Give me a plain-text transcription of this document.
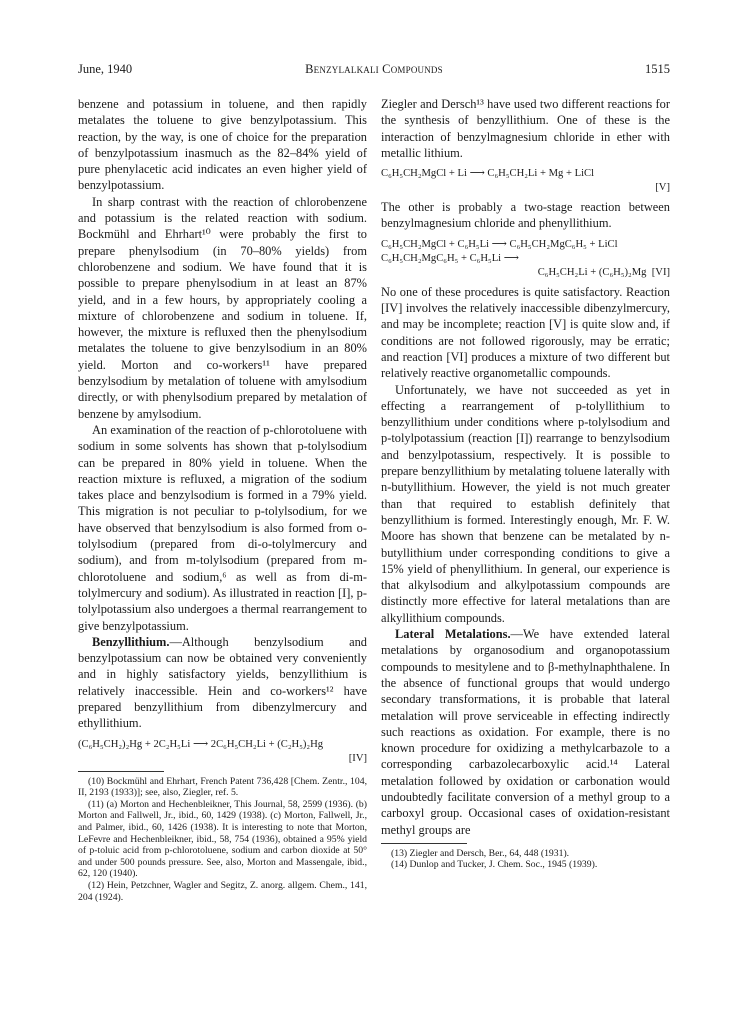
June, 1940	Benzylalkali Compounds	1515

benzene and potassium in toluene, and then rapidly metalates the toluene to give benzylpotassium. This reaction, by the way, is one of choice for the preparation of benzylpotassium inasmuch as the 82–84% yield of pure phenylacetic acid indicates an even higher yield of benzylpotassium.

In sharp contrast with the reaction of chlorobenzene and potassium is the related reaction with sodium. Bockmühl and Ehrhart¹⁰ were probably the first to prepare phenylsodium (in 70–80% yields) from chlorobenzene and sodium. We have found that it is possible to prepare phenylsodium in at least an 87% yield, and in a few hours, by appropriately cooling a mixture of chlorobenzene and sodium in toluene. If, however, the mixture is refluxed then the phenylsodium metalates the toluene to give benzylsodium in an 80% yield. Morton and co-workers¹¹ have prepared benzylsodium by metalation of toluene with amylsodium directly, or with phenylsodium prepared by metalation of benzene by amylsodium.

An examination of the reaction of p-chlorotoluene with sodium in some solvents has shown that p-tolylsodium can be prepared in 80% yield in toluene. When the reaction mixture is refluxed, a migration of the sodium takes place and benzylsodium is formed in a 79% yield. This migration is not peculiar to p-tolylsodium, for we have observed that benzylsodium is also formed from o-tolylsodium (prepared from di-o-tolylmercury and sodium), and from m-tolylsodium (prepared from m-chlorotoluene and sodium,⁶ as well as from di-m-tolylmercury and sodium). As illustrated in reaction [I], p-tolylpotassium also undergoes a thermal rearrangement to give benzylpotassium.

Benzyllithium.—Although benzylsodium and benzylpotassium can now be obtained very conveniently and in highly satisfactory yields, benzyllithium is relatively inaccessible. Hein and co-workers¹² have prepared benzyllithium from dibenzylmercury and ethyllithium.

(C₆H₅CH₂)₂Hg + 2C₂H₅Li ⟶ 2C₆H₅CH₂Li + (C₂H₅)₂Hg
[IV]

(10) Bockmühl and Ehrhart, French Patent 736,428 [Chem. Zentr., 104, II, 2193 (1933)]; see, also, Ziegler, ref. 5.

(11) (a) Morton and Hechenbleikner, This Journal, 58, 2599 (1936). (b) Morton and Fallwell, Jr., ibid., 60, 1429 (1938). (c) Morton, Fallwell, Jr., and Palmer, ibid., 60, 1426 (1938). It is interesting to note that Morton, LeFevre and Hechenbleikner, ibid., 58, 754 (1936), obtained a 95% yield of p-toluic acid from p-chlorotoluene, sodium and carbon dioxide at 50° and under 500 pounds pressure. See, also, Morton and Massengale, ibid., 62, 120 (1940).

(12) Hein, Petzchner, Wagler and Segitz, Z. anorg. allgem. Chem., 141, 204 (1924).

Ziegler and Dersch¹³ have used two different reactions for the synthesis of benzyllithium. One of these is the interaction of benzylmagnesium chloride in ether with metallic lithium.

C₆H₅CH₂MgCl + Li ⟶ C₆H₅CH₂Li + Mg + LiCl
[V]

The other is probably a two-stage reaction between benzylmagnesium chloride and phenyllithium.

C₆H₅CH₂MgCl + C₆H₅Li ⟶ C₆H₅CH₂MgC₆H₅ + LiCl
C₆H₅CH₂MgC₆H₅ + C₆H₅Li ⟶
C₆H₅CH₂Li + (C₆H₅)₂Mg [VI]

No one of these procedures is quite satisfactory. Reaction [IV] involves the relatively inaccessible dibenzylmercury, and may be incomplete; reaction [V] is quite slow and, if conditions are not followed rigorously, may be erratic; and reaction [VI] produces a mixture of two different but relatively reactive organometallic compounds.

Unfortunately, we have not succeeded as yet in effecting a rearrangement of p-tolyllithium to benzyllithium under conditions where p-tolylsodium and p-tolylpotassium (reaction [I]) rearrange to benzylsodium and benzylpotassium, respectively. It is possible to prepare benzyllithium by metalating toluene laterally with n-butyllithium. However, the yield is not much greater than that required to establish definitely that benzyllithium is formed. Interestingly enough, Mr. F. W. Moore has shown that benzene can be metalated by n-butyllithium under corresponding conditions to give a 15% yield of phenyllithium. In general, our experience is that alkylsodium and alkylpotassium compounds are distinctly more effective for lateral metalations than are alkyllithium compounds.

Lateral Metalations.—We have extended lateral metalations by organosodium and organopotassium compounds to mesitylene and to β-methylnaphthalene. In the absence of functional groups that would undergo secondary transformations, it is probable that lateral metalation will prove serviceable in effecting indirectly such reactions as oxidation. For example, there is no known procedure for oxidizing a methylcarbazole to a corresponding carbazolecarboxylic acid.¹⁴ Lateral metalation followed by oxidation or carbonation would undoubtedly facilitate conversion of a methyl group to a carboxyl group. Occasional cases of oxidation-resistant methyl groups are

(13) Ziegler and Dersch, Ber., 64, 448 (1931).

(14) Dunlop and Tucker, J. Chem. Soc., 1945 (1939).
